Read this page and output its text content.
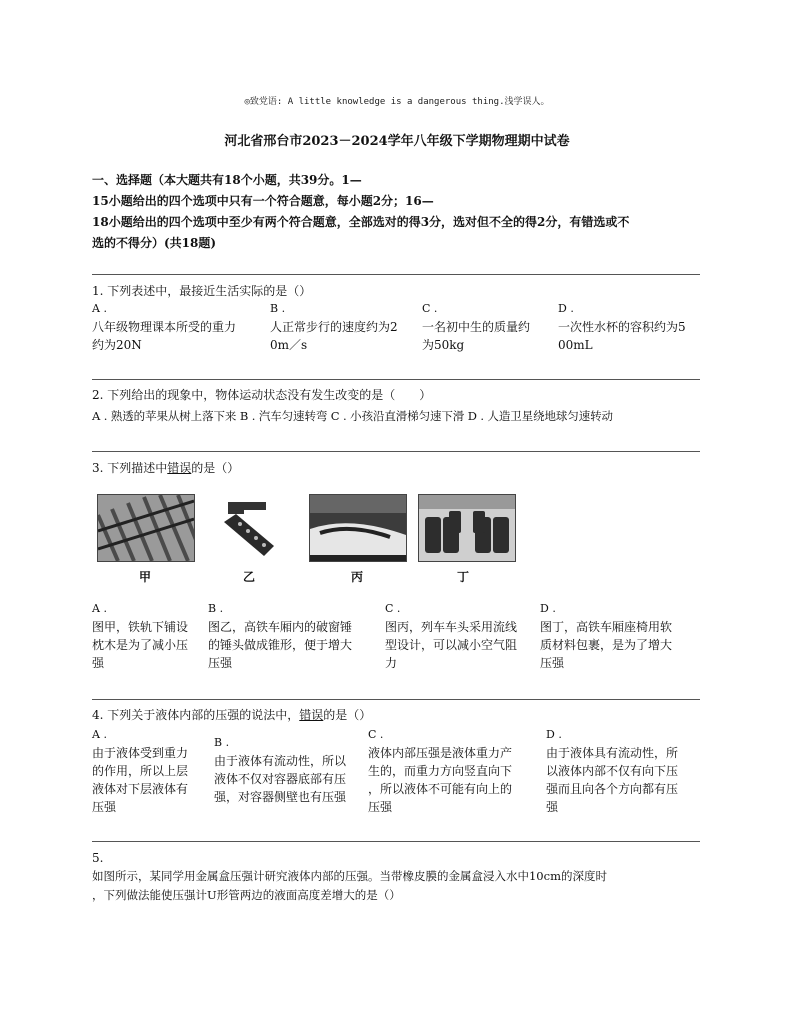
◎致党语: A little knowledge is a dangerous thing.浅学误人。
河北省邢台市2023－2024学年八年级下学期物理期中试卷
一、选择题（本大题共有18个小题，共39分。1—
15小题给出的四个选项中只有一个符合题意，每小题2分；16—
18小题给出的四个选项中至少有两个符合题意，全部选对的得3分，选对但不全的得2分，有错选或不
选的不得分）(共18题)
1. 下列表述中，最接近生活实际的是（）
A .
八年级物理课本所受的重力
约为20N
B .
人正常步行的速度约为2
0m／s
C .
一名初中生的质量约
为50kg
D .
一次性水杯的容积约为5
00mL
2. 下列给出的现象中，物体运动状态没有发生改变的是（　　）
A . 熟透的苹果从树上落下来 B . 汽车匀速转弯 C . 小孩沿直滑梯匀速下滑 D . 人造卫星绕地球匀速转动
3. 下列描述中错误的是（）
甲	乙	丙	丁
A .
图甲，铁轨下铺设
枕木是为了减小压
强
B .
图乙，高铁车厢内的破窗锤
的锤头做成锥形，便于增大
压强
C .
图丙，列车车头采用流线
型设计，可以减小空气阻
力
D .
图丁，高铁车厢座椅用软
质材料包裹，是为了增大
压强
4. 下列关于液体内部的压强的说法中，错误的是（）
A .
由于液体受到重力
的作用，所以上层
液体对下层液体有
压强
B .
由于液体有流动性，所以
液体不仅对容器底部有压
强，对容器侧壁也有压强
C .
液体内部压强是液体重力产
生的，而重力方向竖直向下
，所以液体不可能有向上的
压强
D .
由于液体具有流动性，所
以液体内部不仅有向下压
强而且向各个方向都有压
强
5.
如图所示，某同学用金属盒压强计研究液体内部的压强。当带橡皮膜的金属盒浸入水中10cm的深度时
，下列做法能使压强计U形管两边的液面高度差增大的是（）
